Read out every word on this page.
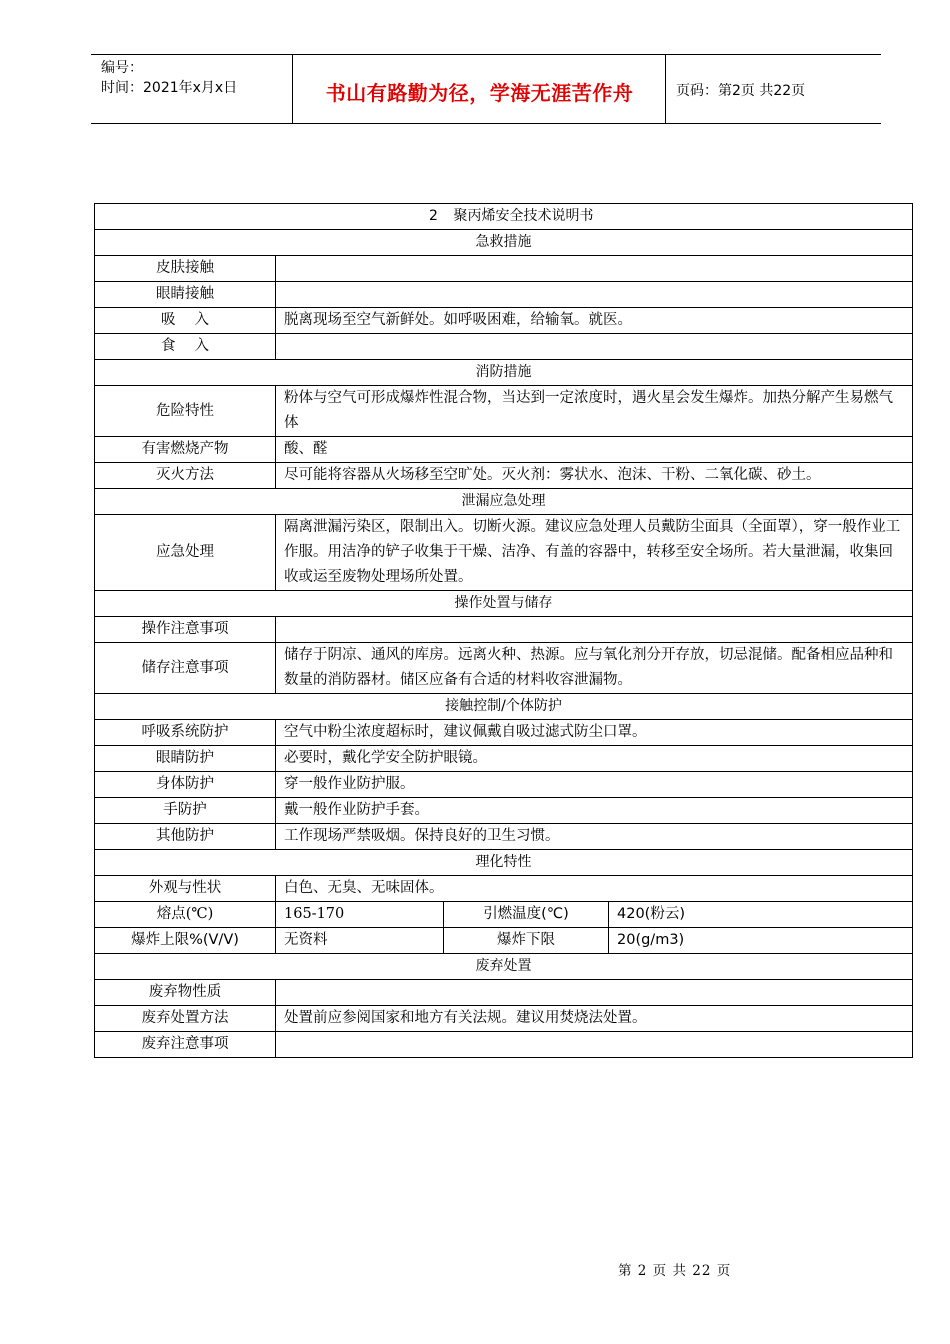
编号：
时间：2021年x月x日	书山有路勤为径，学海无涯苦作舟	页码：第2页 共22页
2 聚丙烯安全技术说明书			
急救措施			
皮肤接触			
眼睛接触			
吸　 入	脱离现场至空气新鲜处。如呼吸困难，给输氧。就医。		
食　 入			
消防措施			
危险特性	粉体与空气可形成爆炸性混合物，当达到一定浓度时，遇火星会发生爆炸。加热分解产生易燃气体		
有害燃烧产物	酸、醛		
灭火方法	尽可能将容器从火场移至空旷处。灭火剂：雾状水、泡沫、干粉、二氧化碳、砂土。		
泄漏应急处理			
应急处理	隔离泄漏污染区，限制出入。切断火源。建议应急处理人员戴防尘面具（全面罩），穿一般作业工作服。用洁净的铲子收集于干燥、洁净、有盖的容器中，转移至安全场所。若大量泄漏，收集回收或运至废物处理场所处置。		
操作处置与储存			
操作注意事项			
储存注意事项	储存于阴凉、通风的库房。远离火种、热源。应与氧化剂分开存放，切忌混储。配备相应品种和数量的消防器材。储区应备有合适的材料收容泄漏物。		
接触控制/个体防护			
呼吸系统防护	空气中粉尘浓度超标时，建议佩戴自吸过滤式防尘口罩。		
眼睛防护	必要时，戴化学安全防护眼镜。		
身体防护	穿一般作业防护服。		
手防护	戴一般作业防护手套。		
其他防护	工作现场严禁吸烟。保持良好的卫生习惯。		
理化特性			
外观与性状	白色、无臭、无味固体。		
熔点(℃)	165-170	引燃温度(℃)	420(粉云)
爆炸上限%(V/V)	无资料	爆炸下限	20(g/m3)
废弃处置			
废弃物性质			
废弃处置方法	处置前应参阅国家和地方有关法规。建议用焚烧法处置。		
废弃注意事项			
第 2 页 共 22 页
